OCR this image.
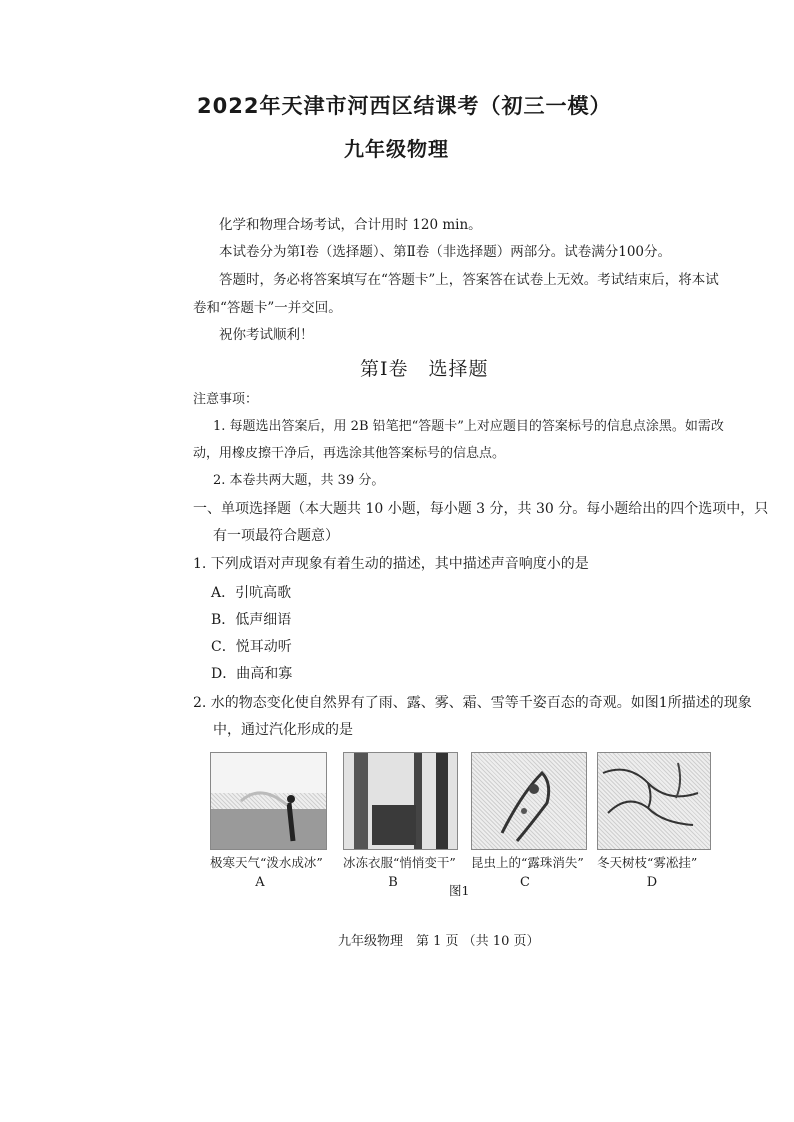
2022年天津市河西区结课考（初三一模）
九年级物理
化学和物理合场考试，合计用时 120 min。
本试卷分为第Ⅰ卷（选择题）、第Ⅱ卷（非选择题）两部分。试卷满分100分。
答题时，务必将答案填写在“答题卡”上，答案答在试卷上无效。考试结束后，将本试
卷和“答题卡”一并交回。
祝你考试顺利！
第Ⅰ卷　选择题
注意事项：
1. 每题选出答案后，用 2B 铅笔把“答题卡”上对应题目的答案标号的信息点涂黑。如需改
动，用橡皮擦干净后，再选涂其他答案标号的信息点。
2. 本卷共两大题，共 39 分。
一、单项选择题（本大题共 10 小题，每小题 3 分，共 30 分。每小题给出的四个选项中，只
有一项最符合题意）
1. 下列成语对声现象有着生动的描述，其中描述声音响度小的是
A．引吭高歌
B．低声细语
C．悦耳动听
D．曲高和寡
2. 水的物态变化使自然界有了雨、露、雾、霜、雪等千姿百态的奇观。如图1所描述的现象
中，通过汽化形成的是
极寒天气“泼水成冰” 冰冻衣服“悄悄变干” 昆虫上的“露珠消失” 冬天树枝“雾凇挂”
A	B	C	D
图1
九年级物理　第 1 页 （共 10 页）
